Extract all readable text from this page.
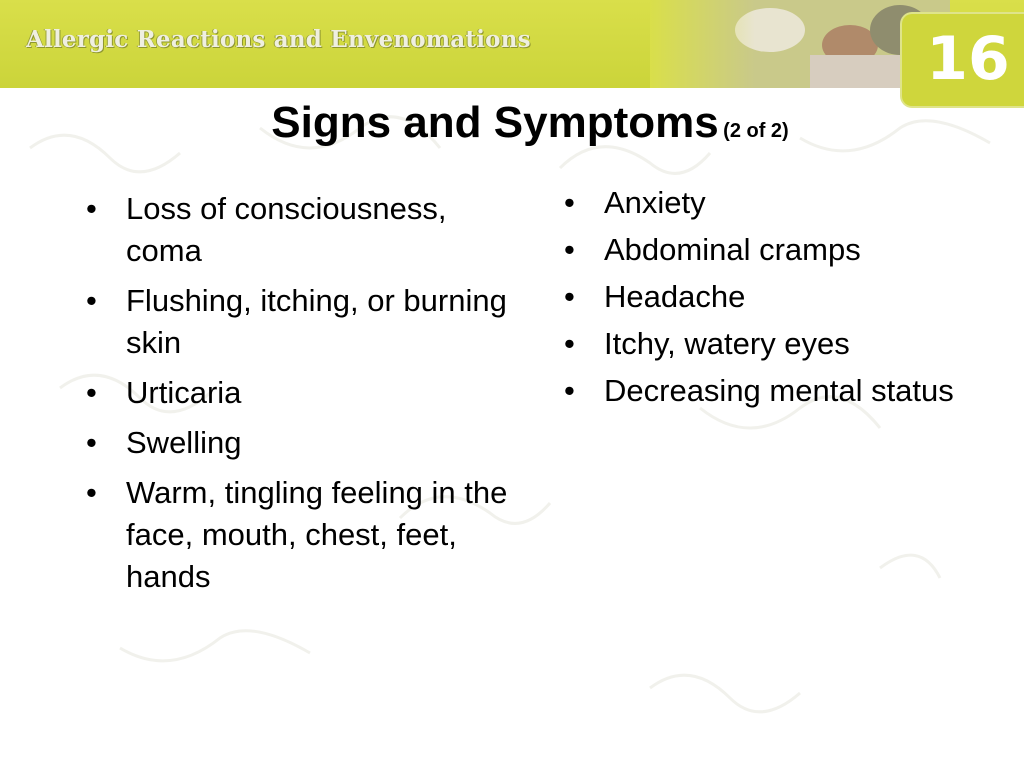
Allergic Reactions and Envenomations	16
Signs and Symptoms (2 of 2)
• Loss of consciousness, coma
• Flushing, itching, or burning skin
• Urticaria
• Swelling
• Warm, tingling feeling in the face, mouth, chest, feet, hands
• Anxiety
• Abdominal cramps
• Headache
• Itchy, watery eyes
• Decreasing mental status
